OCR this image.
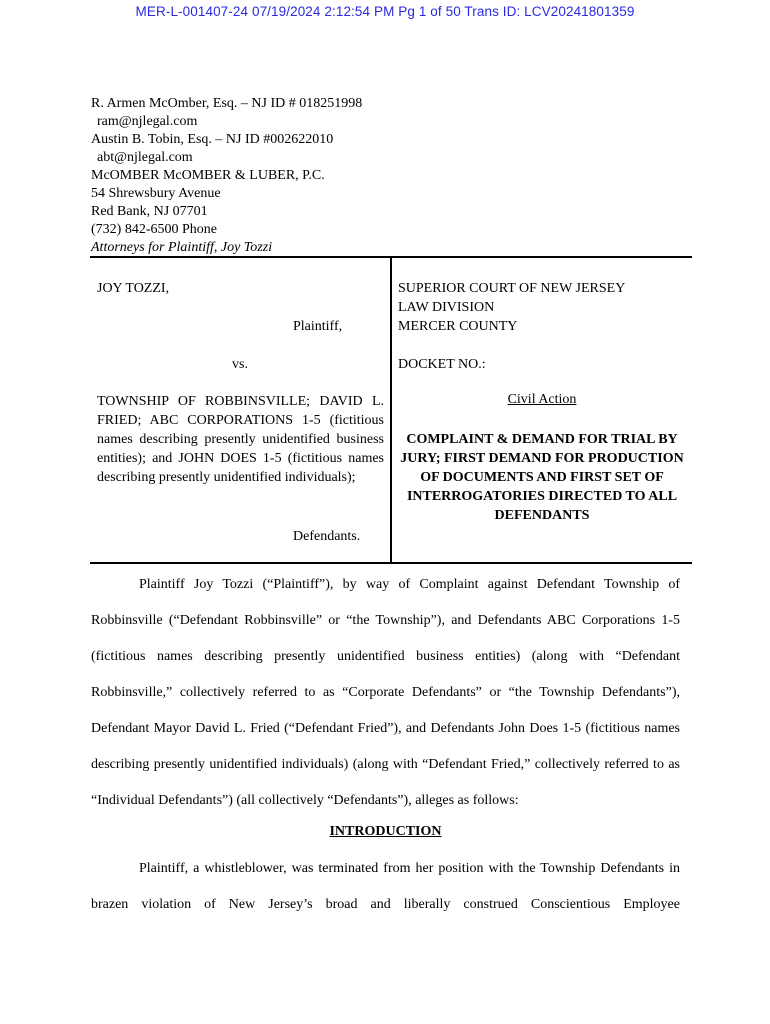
MER-L-001407-24 07/19/2024 2:12:54 PM Pg 1 of 50 Trans ID: LCV20241801359
R. Armen McOmber, Esq. – NJ ID # 018251998
ram@njlegal.com
Austin B. Tobin, Esq. – NJ ID #002622010
abt@njlegal.com
McOMBER McOMBER & LUBER, P.C.
54 Shrewsbury Avenue
Red Bank, NJ 07701
(732) 842-6500 Phone
Attorneys for Plaintiff, Joy Tozzi
JOY TOZZI,
Plaintiff,
vs.
TOWNSHIP OF ROBBINSVILLE; DAVID L. FRIED; ABC CORPORATIONS 1-5 (fictitious names describing presently unidentified business entities); and JOHN DOES 1-5 (fictitious names describing presently unidentified individuals);
Defendants.
SUPERIOR COURT OF NEW JERSEY
LAW DIVISION
MERCER COUNTY
DOCKET NO.:
Civil Action
COMPLAINT & DEMAND FOR TRIAL BY JURY; FIRST DEMAND FOR PRODUCTION OF DOCUMENTS AND FIRST SET OF INTERROGATORIES DIRECTED TO ALL DEFENDANTS

Plaintiff Joy Tozzi (“Plaintiff”), by way of Complaint against Defendant Township of Robbinsville (“Defendant Robbinsville” or “the Township”), and Defendants ABC Corporations 1-5 (fictitious names describing presently unidentified business entities) (along with “Defendant Robbinsville,” collectively referred to as “Corporate Defendants” or “the Township Defendants”), Defendant Mayor David L. Fried (“Defendant Fried”), and Defendants John Does 1-5 (fictitious names describing presently unidentified individuals) (along with “Defendant Fried,” collectively referred to as “Individual Defendants”) (all collectively “Defendants”), alleges as follows:

INTRODUCTION

Plaintiff, a whistleblower, was terminated from her position with the Township Defendants in brazen violation of New Jersey’s broad and liberally construed Conscientious Employee
